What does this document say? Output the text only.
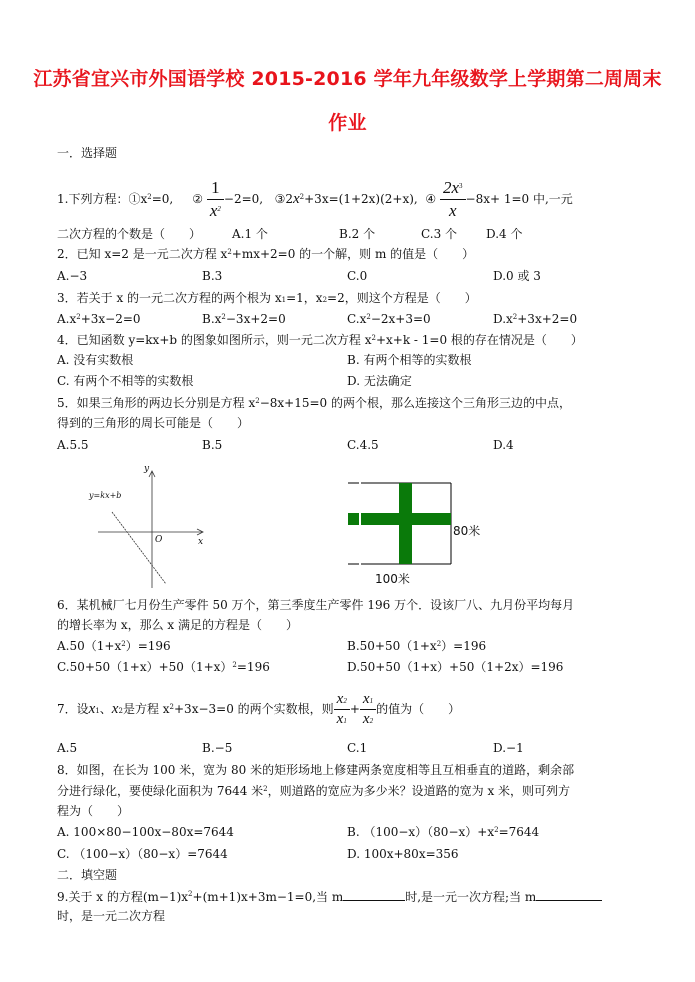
江苏省宜兴市外国语学校 2015-2016 学年九年级数学上学期第二周周末
作业
一．选择题
1.下列方程：$①x^2=0$, ② $\frac{1}{x^2} -2=0$, $③2x^2+3x=(1+2x)(2+x)$, ④ $\frac{2x^3}{x} -8x+ 1=0$ 中,一元
二次方程的个数是（　　）	A.1 个	B.2 个	C.3 个 D.4 个
2．已知 x=2 是一元二次方程 $x^2+mx+2=0$ 的一个解，则 m 的值是（　　）
A.−3	B.3	C.0	D.0 或 3
3．若关于 x 的一元二次方程的两个根为 $x_1=1$，$x_2=2$，则这个方程是（　　）
$A.x^2+3x-2=0$	$B.x^2-3x+2=0$	$C.x^2-2x+3=0$	$D.x^2+3x+2=0$
4．已知函数 y=kx+b 的图象如图所示，则一元二次方程 $x^2+x+k - 1=0$ 根的存在情况是（　　）
A. 没有实数根	B. 有两个相等的实数根
C. 有两个不相等的实数根	D. 无法确定
5．如果三角形的两边长分别是方程 $x^2-8x+15=0$ 的两个根，那么连接这个三角形三边的中点，
得到的三角形的周长可能是（　　）
A.5.5	B.5	C.4.5	D.4
y=kx+b
y
x
O
80米
100米
6．某机械厂七月份生产零件 50 万个，第三季度生产零件 196 万个．设该厂八、九月份平均每月
的增长率为 x，那么 x 满足的方程是（　　）
$A.50(1+x^2)=196$	$B.50+50(1+x^2)=196$
$C.50+50(1+x)+50(1+x)^2=196$	D.50+50（1+x）+50（1+2x）=196
7．设$x_1$、$x_2$是方程 $x^2+3x-3=0$ 的两个实数根，则 $\frac{x_2}{x_1} + \frac{x_1}{x_2}$ 的值为（　　）
A.5	B.−5	C.1	D.−1
8．如图，在长为 100 米，宽为 80 米的矩形场地上修建两条宽度相等且互相垂直的道路，剩余部
分进行绿化，要使绿化面积为 7644 米$^2$，则道路的宽应为多少米？设道路的宽为 x 米，则可列方
程为（　　）
A. 100×80−100x−80x=7644	B. $(100-x)(80-x)+x^2=7644$
C. （100−x）（80−x）=7644	D. 100x+80x=356
二．填空题
9.关于 x 的方程$(m-1)x^2+(m+1)x+3m-1=0$,当 m	时,是一元一次方程;当 m
时，是一元二次方程
